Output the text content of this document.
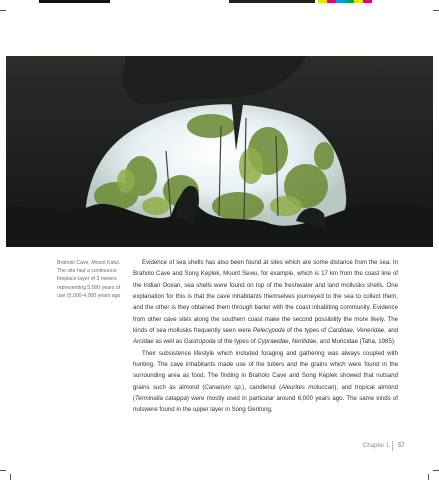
Braholo Cave, Mount Kidul. The site had a continuous fireplace layer of 3 meters representing 5,000 years of use (5,000-4,000 years ago

Evidence of sea shells has also been found at sites which are some distance from the sea. In Braholo Cave and Song Keplek, Mount Sewu, for example, which is 17 km from the coast line of the Indian Ocean, sea shells were found on top of the freshwater and land mollusks shells. One explanation for this is that the cave inhabitants themselves journeyed to the sea to collect them, and the other is they obtained them through barter with the coast inhabiting community. Evidence from other cave sites along the southern coast make the second possibility the more likely. The kinds of sea mollusks frequently seen were Pelecypoda of the types of Cardidae, Veneridae, and Arcidae as well as Gastropoda of the types of Cypraeidae, Neritidae, and Muricidae (Taha, 1985).

Their subsistence lifestyle which included foraging and gathering was always coupled with hunting. The cave inhabitants made use of the tubers and the grains which were found in the surrounding area as food. The finding in Braholo Cave and Song Keplek showed that nutsand grains such as almond (Canarium sp.), candlenut (Aleurites moluccan), and tropical almond (Terminalia catappa) were mostly used in particular around 6,000 years ago. The same kinds of nutswere found in the upper layer in Song Gentong,

Chapter 1 57
